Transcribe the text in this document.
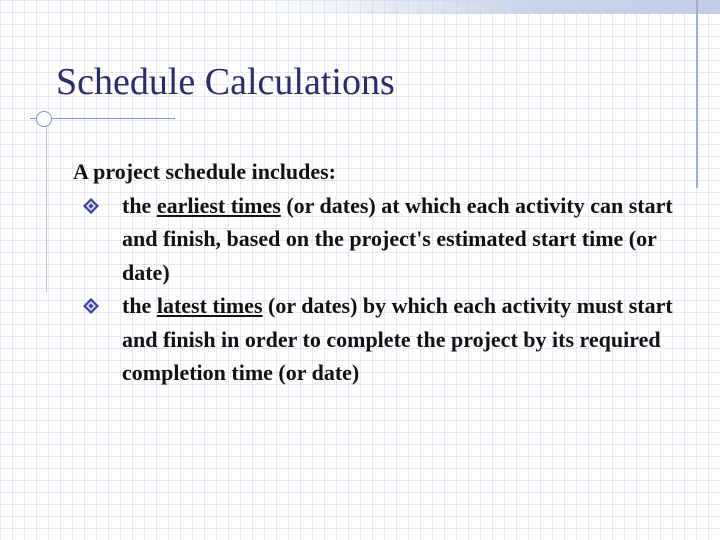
Schedule Calculations

A project schedule includes:

the earliest times (or dates) at which each activity can start and finish, based on the project's estimated start time (or date)

the latest times (or dates) by which each activity must start and finish in order to complete the project by its required completion time (or date)
